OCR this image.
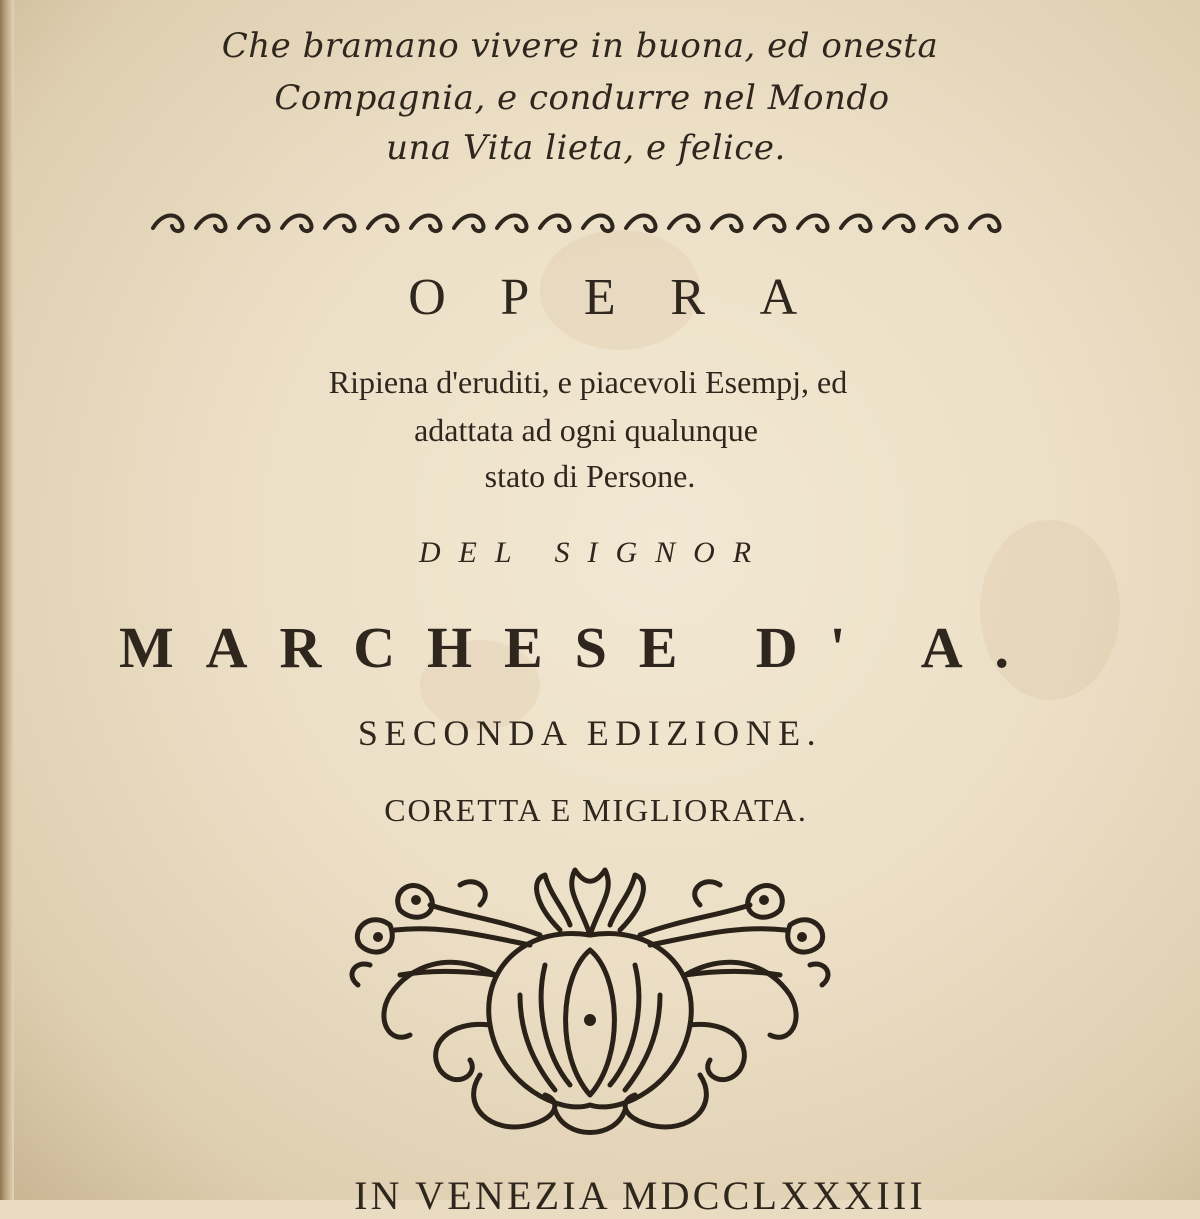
Che bramano vivere in buona, ed onesta
Compagnia, e condurre nel Mondo
una Vita lieta, e felice.
OPERA
Ripiena d'eruditi, e piacevoli Esempj, ed
adattata ad ogni qualunque
stato di Persone.
DEL SIGNOR
MARCHESE D' A.
SECONDA EDIZIONE.
CORETTA E MIGLIORATA.
IN VENEZIA MDCCLXXXIII
